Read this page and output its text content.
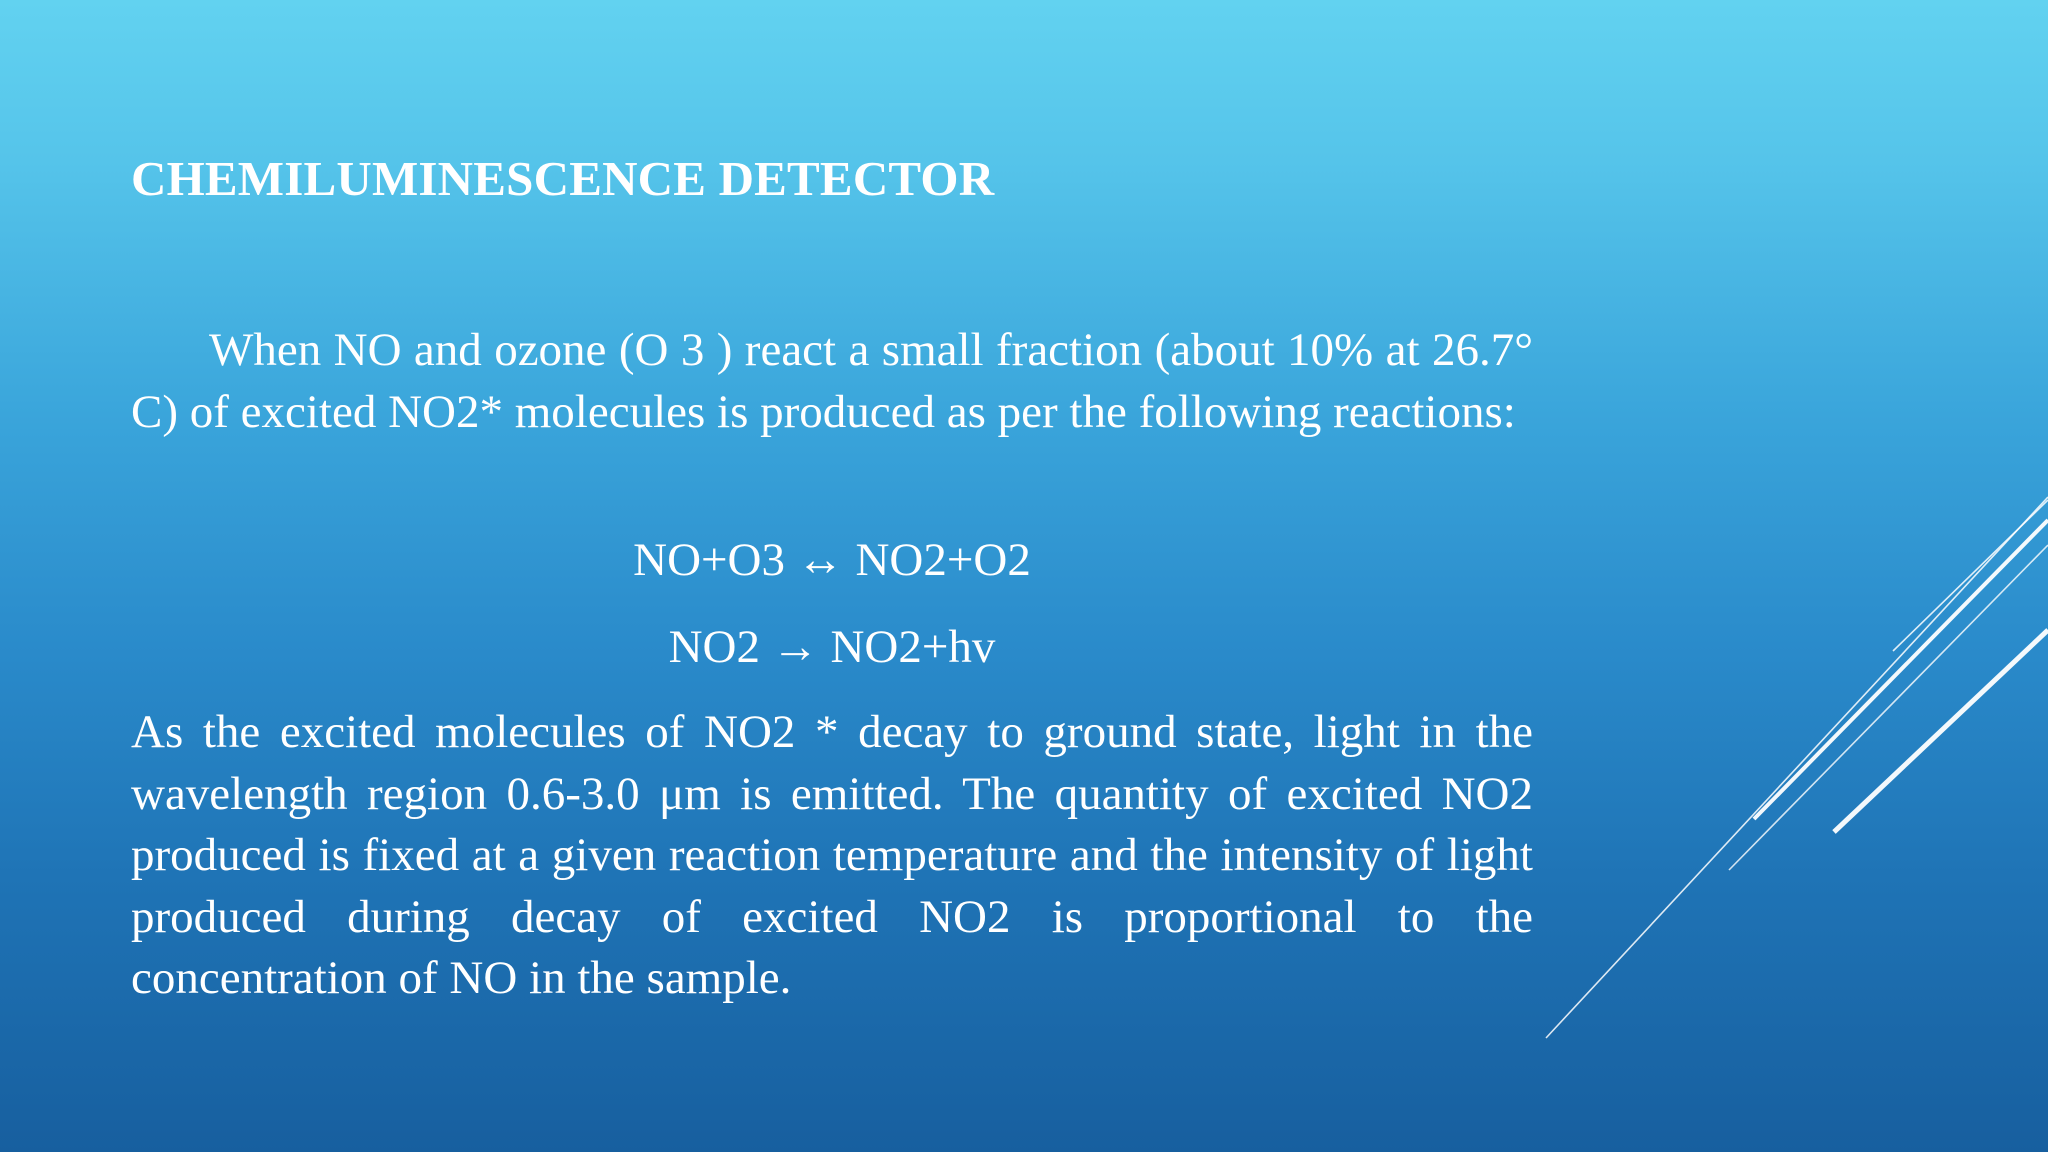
CHEMILUMINESCENCE DETECTOR

When NO and ozone (O 3 ) react a small fraction (about 10% at 26.7° C) of excited NO2* molecules is produced as per the following reactions:

NO+O3 ↔ NO2+O2

NO2 → NO2+hv

As the excited molecules of NO2 * decay to ground state, light in the wavelength region 0.6-3.0 μm is emitted. The quantity of excited NO2 produced is fixed at a given reaction temperature and the intensity of light produced during decay of excited NO2 is proportional to the concentration of NO in the sample.
